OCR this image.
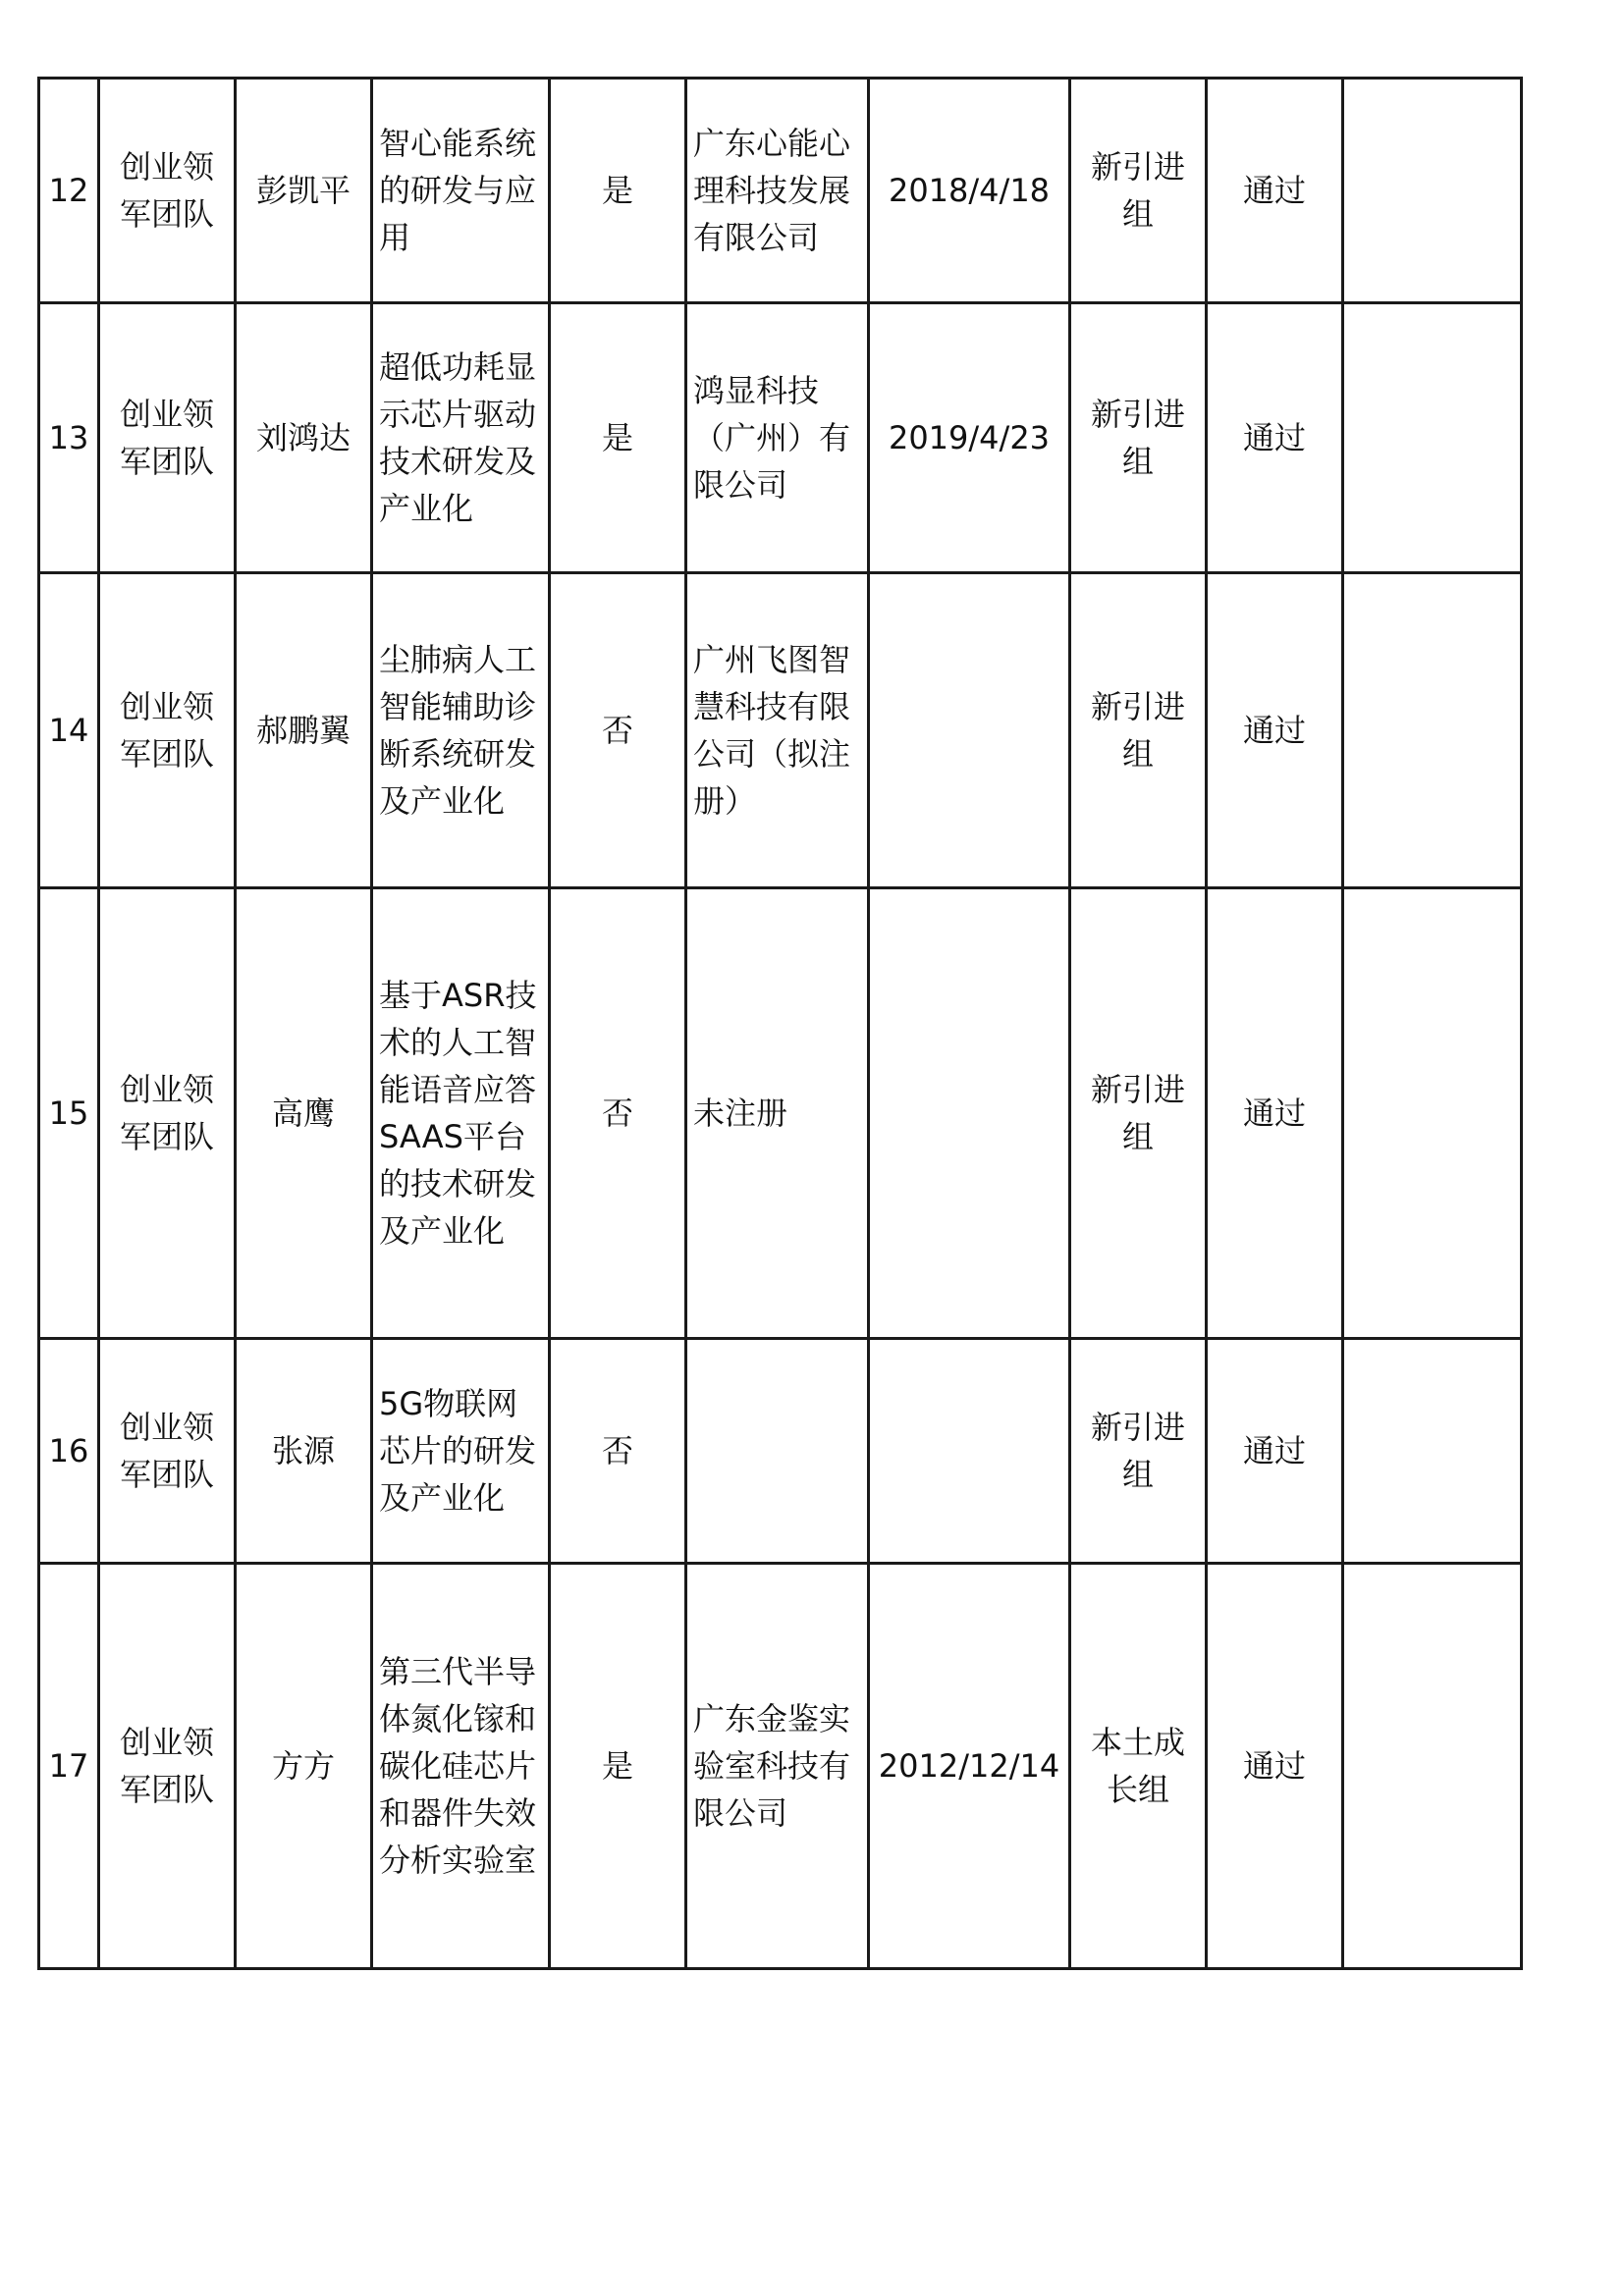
12	创业领军团队	彭凯平	智心能系统的研发与应用	是	广东心能心理科技发展有限公司	2018/4/18	新引进组	通过	
13	创业领军团队	刘鸿达	超低功耗显示芯片驱动技术研发及产业化	是	鸿显科技（广州）有限公司	2019/4/23	新引进组	通过	
14	创业领军团队	郝鹏翼	尘肺病人工智能辅助诊断系统研发及产业化	否	广州飞图智慧科技有限公司（拟注册）		新引进组	通过	
15	创业领军团队	高鹰	基于ASR技术的人工智能语音应答SAAS平台的技术研发及产业化	否	未注册		新引进组	通过	
16	创业领军团队	张源	5G物联网芯片的研发及产业化	否			新引进组	通过	
17	创业领军团队	方方	第三代半导体氮化镓和碳化硅芯片和器件失效分析实验室	是	广东金鉴实验室科技有限公司	2012/12/14	本土成长组	通过	
